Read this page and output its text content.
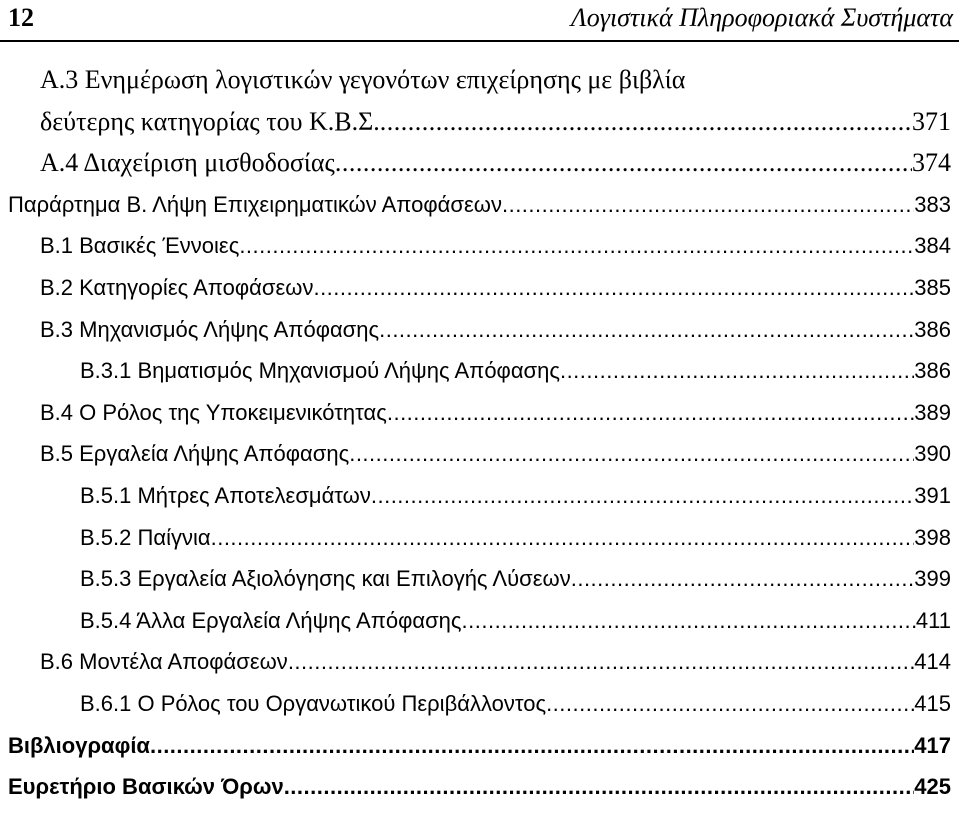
12	Λογιστικά Πληροφοριακά Συστήματα
Α.3 Ενημέρωση λογιστικών γεγονότων επιχείρησης με βιβλία
δεύτερης κατηγορίας του Κ.Β.Σ. .....	371
Α.4 Διαχείριση μισθοδοσίας .....	374
Παράρτημα Β. Λήψη Επιχειρηματικών Αποφάσεων .....	383
Β.1 Βασικές Έννοιες .....	384
Β.2 Κατηγορίες Αποφάσεων .....	385
Β.3 Μηχανισμός Λήψης Απόφασης .....	386
Β.3.1 Βηματισμός Μηχανισμού Λήψης Απόφασης .....	386
Β.4 Ο Ρόλος της Υποκειμενικότητας .....	389
Β.5 Εργαλεία Λήψης Απόφασης .....	390
Β.5.1 Μήτρες Αποτελεσμάτων .....	391
Β.5.2 Παίγνια .....	398
Β.5.3 Εργαλεία Αξιολόγησης και Επιλογής Λύσεων .....	399
Β.5.4 Άλλα Εργαλεία Λήψης Απόφασης .....	411
Β.6 Μοντέλα Αποφάσεων .....	414
Β.6.1 Ο Ρόλος του Οργανωτικού Περιβάλλοντος .....	415
Βιβλιογραφία .....	417
Ευρετήριο Βασικών Όρων .....	425
